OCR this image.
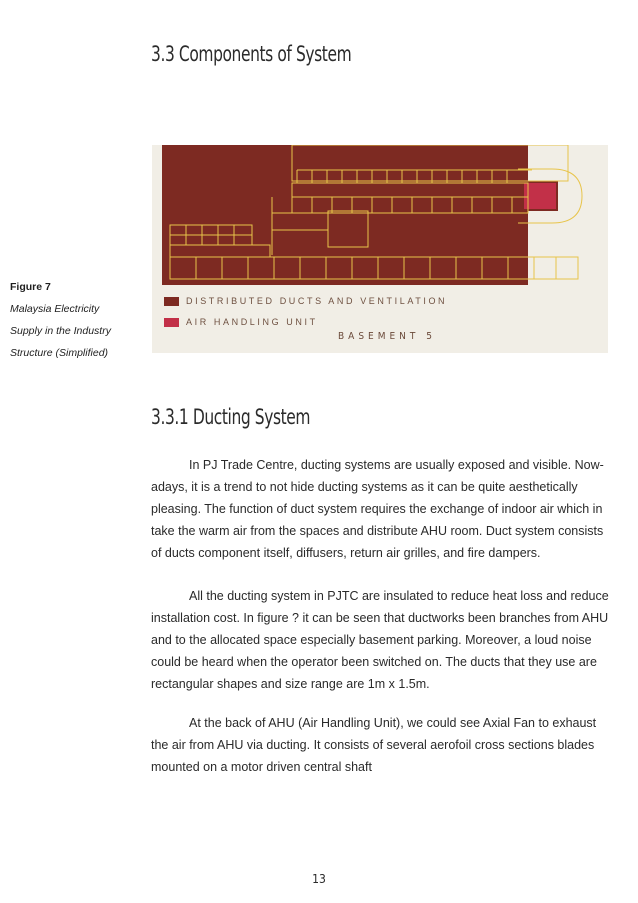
3.3 Components of System
Figure 7
Malaysia Electricity
Supply in the Industry
Structure (Simplified)
DISTRIBUTED DUCTS AND VENTILATION
AIR HANDLING UNIT
BASEMENT 5
3.3.1 Ducting System

In PJ Trade Centre, ducting systems are usually exposed and visible. Now-adays, it is a trend to not hide ducting systems as it can be quite aesthetically pleasing. The function of duct system requires the exchange of indoor air which in take the warm air from the spaces and distribute AHU room. Duct system consists of ducts component itself, diffusers, return air grilles, and fire dampers.

All the ducting system in PJTC are insulated to reduce heat loss and reduce installation cost. In figure ? it can be seen that ductworks been branches from AHU and to the allocated space especially basement parking. Moreover, a loud noise could be heard when the operator been switched on. The ducts that they use are rectangular shapes and size range are 1m x 1.5m.

At the back of AHU (Air Handling Unit), we could see Axial Fan to exhaust the air from AHU via ducting. It consists of several aerofoil cross sections blades mounted on a motor driven central shaft

13
